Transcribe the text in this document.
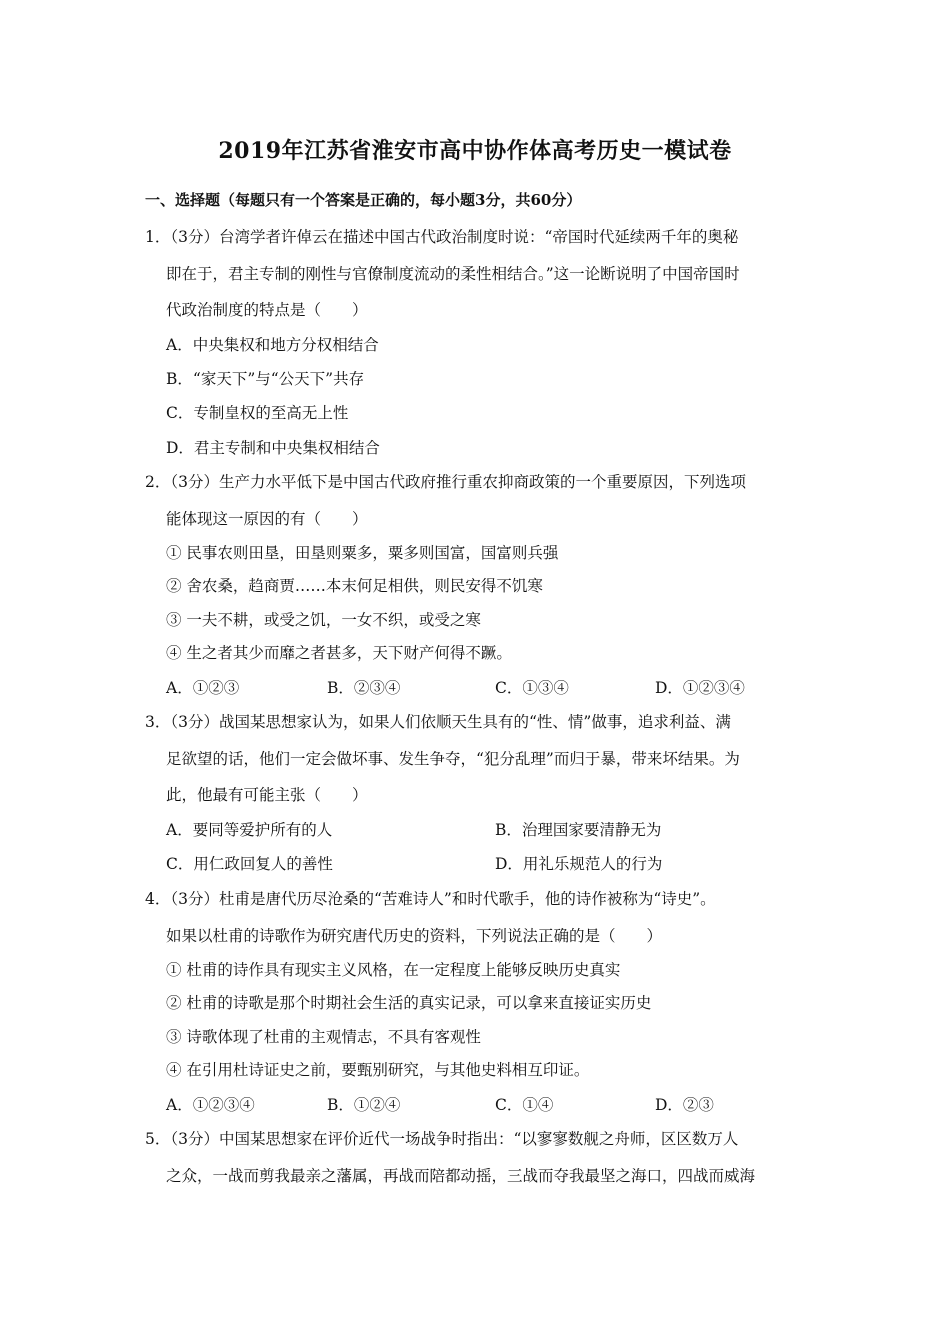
2019年江苏省淮安市高中协作体高考历史一模试卷
一、选择题（每题只有一个答案是正确的，每小题3分，共60分）
1．（3分）台湾学者许倬云在描述中国古代政治制度时说：“帝国时代延续两千年的奥秘
即在于，君主专制的刚性与官僚制度流动的柔性相结合。”这一论断说明了中国帝国时
代政治制度的特点是（　　）
A．中央集权和地方分权相结合
B．“家天下”与“公天下”共存
C．专制皇权的至高无上性
D．君主专制和中央集权相结合
2．（3分）生产力水平低下是中国古代政府推行重农抑商政策的一个重要原因，下列选项
能体现这一原因的有（　　）
① 民事农则田垦，田垦则粟多，粟多则国富，国富则兵强
② 舍农桑，趋商贾……本末何足相供，则民安得不饥寒
③ 一夫不耕，或受之饥，一女不织，或受之寒
④ 生之者其少而靡之者甚多，天下财产何得不蹶。
A．①②③	B．②③④	C．①③④	D．①②③④
3．（3分）战国某思想家认为，如果人们依顺天生具有的“性、情”做事，追求利益、满
足欲望的话，他们一定会做坏事、发生争夺，“犯分乱理”而归于暴，带来坏结果。为
此，他最有可能主张（　　）
A．要同等爱护所有的人	B．治理国家要清静无为
C．用仁政回复人的善性	D．用礼乐规范人的行为
4．（3分）杜甫是唐代历尽沧桑的“苦难诗人”和时代歌手，他的诗作被称为“诗史”。
如果以杜甫的诗歌作为研究唐代历史的资料，下列说法正确的是（　　）
① 杜甫的诗作具有现实主义风格，在一定程度上能够反映历史真实
② 杜甫的诗歌是那个时期社会生活的真实记录，可以拿来直接证实历史
③ 诗歌体现了杜甫的主观情志，不具有客观性
④ 在引用杜诗证史之前，要甄别研究，与其他史料相互印证。
A．①②③④	B．①②④	C．①④	D．②③
5．（3分）中国某思想家在评价近代一场战争时指出：“以寥寥数舰之舟师，区区数万人
之众，一战而剪我最亲之藩属，再战而陪都动摇，三战而夺我最坚之海口，四战而威海
